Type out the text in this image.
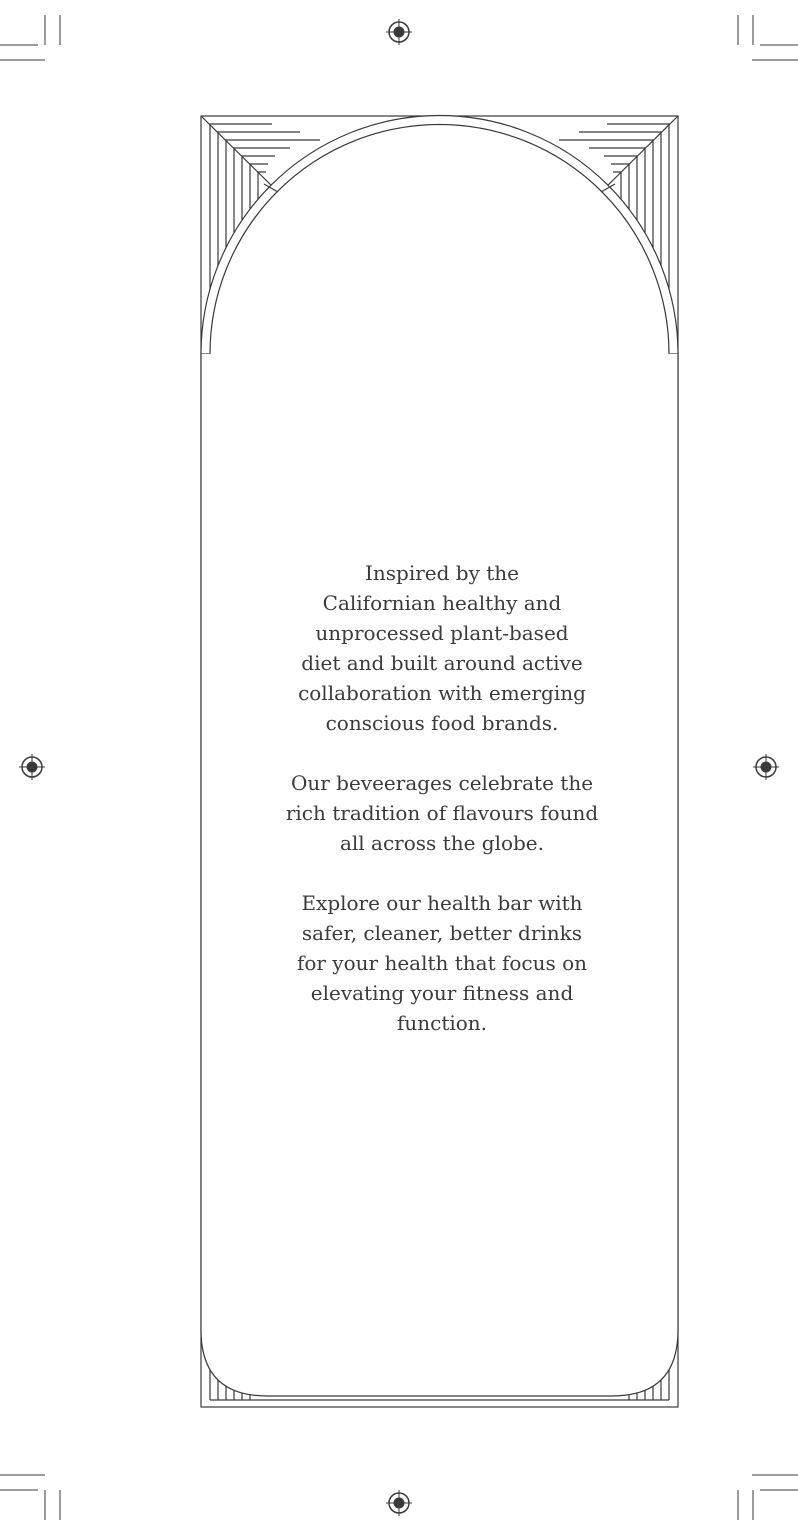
Inspired by the
Californian healthy and
unprocessed plant-based
diet and built around active
collaboration with emerging
conscious food brands.

Our beveerages celebrate the
rich tradition of flavours found
all across the globe.

Explore our health bar with
safer, cleaner, better drinks
for your health that focus on
elevating your fitness and
function.
